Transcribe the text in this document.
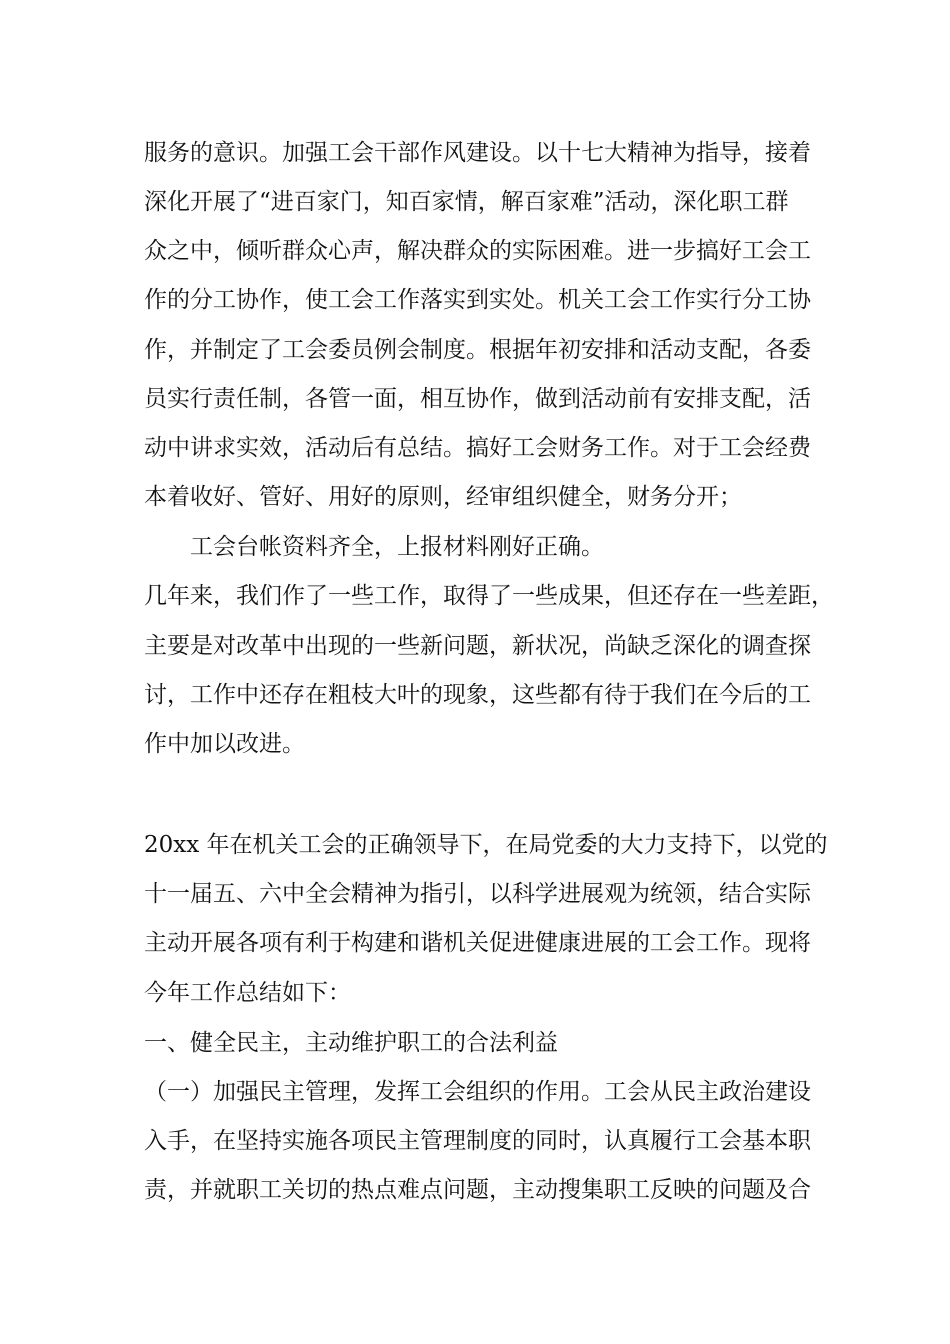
服务的意识。加强工会干部作风建设。以十七大精神为指导，接着
深化开展了“进百家门，知百家情，解百家难”活动，深化职工群
众之中，倾听群众心声，解决群众的实际困难。进一步搞好工会工
作的分工协作，使工会工作落实到实处。机关工会工作实行分工协
作，并制定了工会委员例会制度。根据年初安排和活动支配，各委
员实行责任制，各管一面，相互协作，做到活动前有安排支配，活
动中讲求实效，活动后有总结。搞好工会财务工作。对于工会经费
本着收好、管好、用好的原则，经审组织健全，财务分开；
工会台帐资料齐全，上报材料刚好正确。
几年来，我们作了一些工作，取得了一些成果，但还存在一些差距，
主要是对改革中出现的一些新问题，新状况，尚缺乏深化的调查探
讨，工作中还存在粗枝大叶的现象，这些都有待于我们在今后的工
作中加以改进。
20xx 年在机关工会的正确领导下，在局党委的大力支持下，以党的
十一届五、六中全会精神为指引，以科学进展观为统领，结合实际
主动开展各项有利于构建和谐机关促进健康进展的工会工作。现将
今年工作总结如下：
一、健全民主，主动维护职工的合法利益
（一）加强民主管理，发挥工会组织的作用。工会从民主政治建设
入手，在坚持实施各项民主管理制度的同时，认真履行工会基本职
责，并就职工关切的热点难点问题，主动搜集职工反映的问题及合
